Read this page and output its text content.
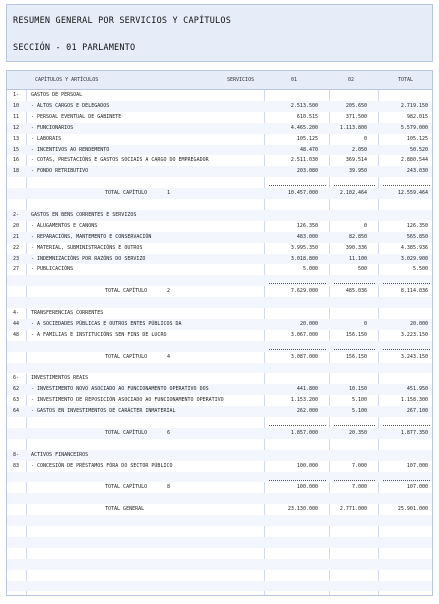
RESUMEN GENERAL POR SERVICIOS Y CAPÍTULOS
SECCIÓN - 01 PARLAMENTO
CAPÍTULOS Y ARTÍCULOS	SERVICIOS	01	02	TOTAL
1- GASTOS DE PERSOAL
10 - ALTOS CARGOS E DELEGADOS	2.513.500	205.650	2.719.150
11 - PERSOAL EVENTUAL DE GABINETE	610.515	371.500	982.015
12 - FUNCIONARIOS	4.465.200	1.113.800	5.579.000
13 - LABORAIS	105.125	0	105.125
15 - INCENTIVOS AO RENDEMENTO	48.470	2.050	50.520
16 - COTAS, PRESTACIÓNS E GASTOS SOCIAIS A CARGO DO EMPREGADOR	2.511.030	369.514	2.880.544
18 - FONDO RETRIBUTIVO	203.080	39.950	243.030
TOTAL CAPÍTULO	1	10.457.000	2.102.464	12.559.464
2- GASTOS EN BENS CORRENTES E SERVIZOS
20 - ALUGAMENTOS E CANONS	126.350	0	126.350
21 - REPARACIÓNS, MANTEMENTO E CONSERVACIÓN	483.000	82.850	565.850
22 - MATERIAL, SUBMINISTRACIÓNS E OUTROS	3.995.350	390.336	4.385.936
23 - INDEMNIZACIÓNS POR RAZÓNS DO SERVIZO	3.018.800	11.100	3.029.900
27 - PUBLICACIÓNS	5.000	500	5.500
TOTAL CAPÍTULO	2	7.629.000	485.036	8.114.036
4- TRANSFERENCIAS CORRENTES
44 - A SOCIEDADES PÚBLICAS E OUTROS ENTES PÚBLICOS DA	20.000	0	20.000
48 - A FAMILIAS E INSTITUCIÓNS SEN FINS DE LUCRO	3.067.000	156.150	3.223.150
TOTAL CAPÍTULO	4	3.087.000	156.150	3.243.150
6- INVESTIMENTOS REAIS
62 - INVESTIMENTO NOVO ASOCIADO AO FUNCIONAMENTO OPERATIVO DOS	441.800	10.150	451.950
63 - INVESTIMENTO DE REPOSICIÓN ASOCIADO AO FUNCIONAMENTO OPERATIVO	1.153.200	5.100	1.158.300
64 - GASTOS EN INVESTIMENTOS DE CARÁCTER INMATERIAL	262.000	5.100	267.100
TOTAL CAPÍTULO	6	1.857.000	20.350	1.877.350
8- ACTIVOS FINANCEIROS
83 - CONCESIÓN DE PRÉSTAMOS FÓRA DO SECTOR PÚBLICO	100.000	7.000	107.000
TOTAL CAPÍTULO	8	100.000	7.000	107.000
TOTAL GENERAL	23.130.000	2.771.000	25.901.000
